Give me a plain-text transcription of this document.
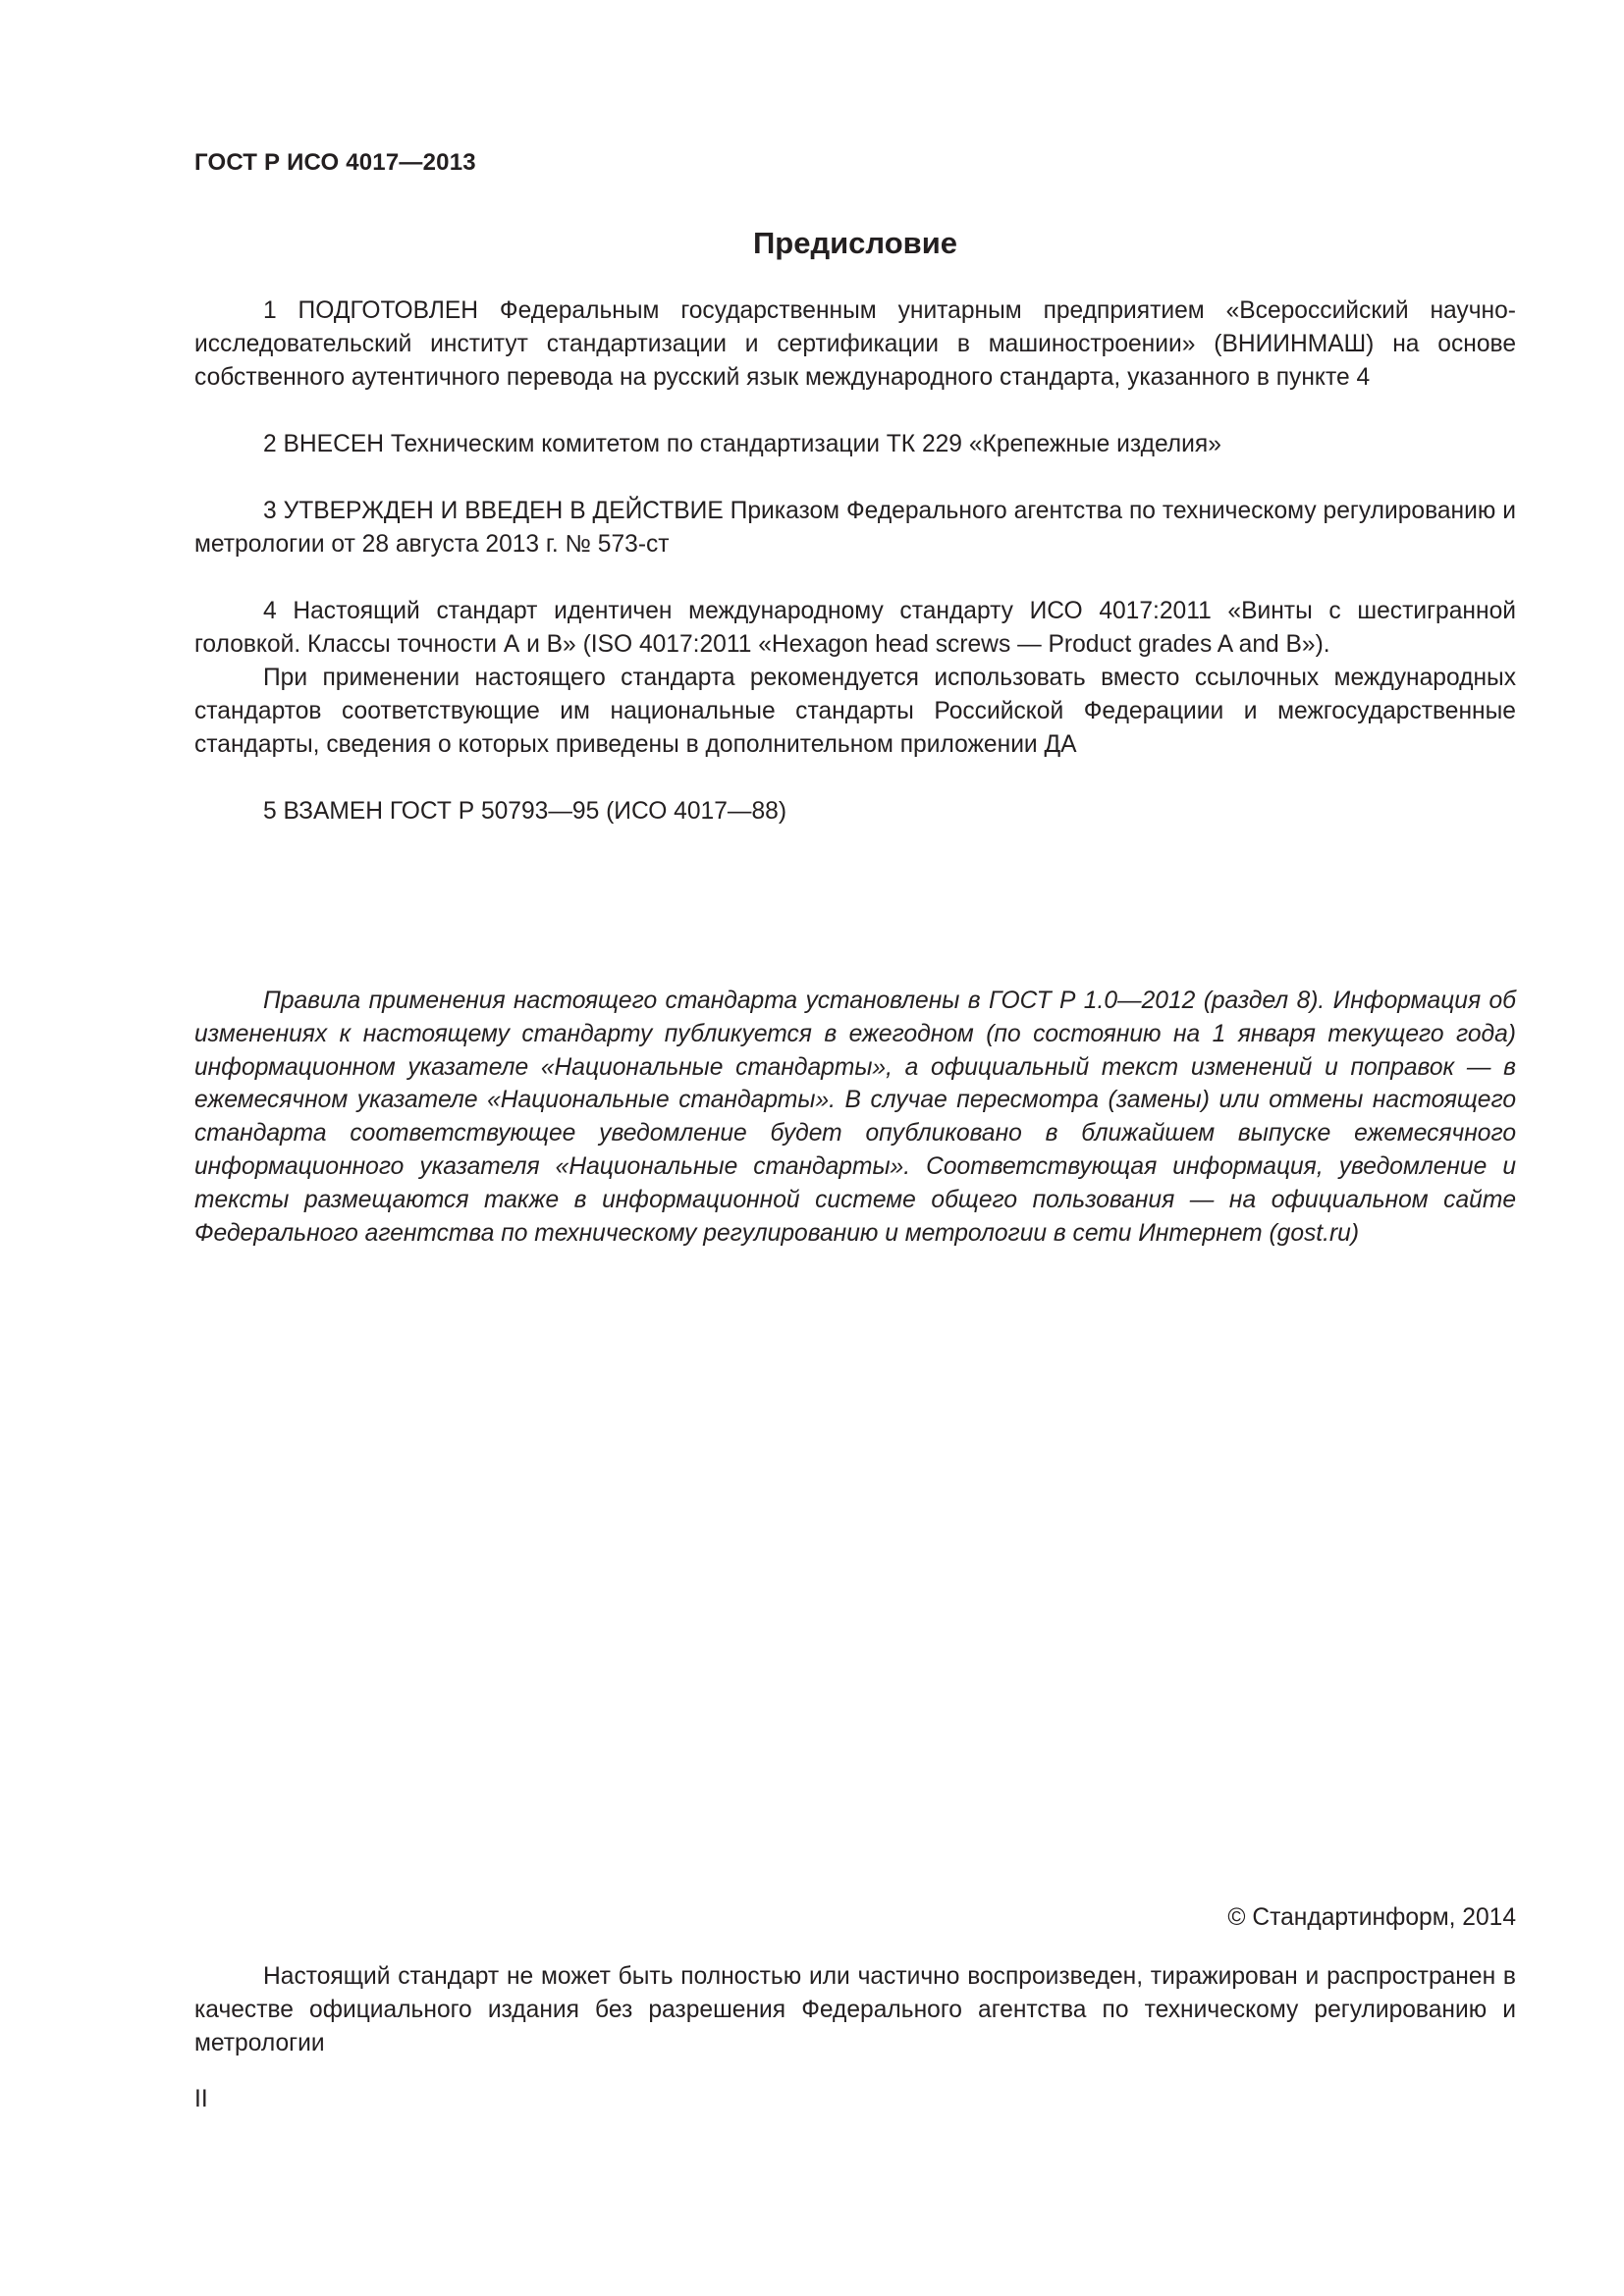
ГОСТ Р ИСО 4017—2013

Предисловие

1 ПОДГОТОВЛЕН Федеральным государственным унитарным предприятием «Всероссийский научно-исследовательский институт стандартизации и сертификации в машиностроении» (ВНИИНМАШ) на основе собственного аутентичного перевода на русский язык международного стандарта, указанного в пункте 4

2 ВНЕСЕН Техническим комитетом по стандартизации ТК 229 «Крепежные изделия»

3 УТВЕРЖДЕН И ВВЕДЕН В ДЕЙСТВИЕ Приказом Федерального агентства по техническому регулированию и метрологии от 28 августа 2013 г. № 573-ст

4 Настоящий стандарт идентичен международному стандарту ИСО 4017:2011 «Винты с шестигранной головкой. Классы точности А и В» (ISO 4017:2011 «Hexagon head screws — Product grades A and B»).

При применении настоящего стандарта рекомендуется использовать вместо ссылочных международных стандартов соответствующие им национальные стандарты Российской Федерациии и межгосударственные стандарты, сведения о которых приведены в дополнительном приложении ДА

5 ВЗАМЕН ГОСТ Р 50793—95 (ИСО 4017—88)

Правила применения настоящего стандарта установлены в ГОСТ Р 1.0—2012 (раздел 8). Информация об изменениях к настоящему стандарту публикуется в ежегодном (по состоянию на 1 января текущего года) информационном указателе «Национальные стандарты», а официальный текст изменений и поправок — в ежемесячном указателе «Национальные стандарты». В случае пересмотра (замены) или отмены настоящего стандарта соответствующее уведомление будет опубликовано в ближайшем выпуске ежемесячного информационного указателя «Национальные стандарты». Соответствующая информация, уведомление и тексты размещаются также в информационной системе общего пользования — на официальном сайте Федерального агентства по техническому регулированию и метрологии в сети Интернет (gost.ru)

© Стандартинформ, 2014

Настоящий стандарт не может быть полностью или частично воспроизведен, тиражирован и распространен в качестве официального издания без разрешения Федерального агентства по техническому регулированию и метрологии

II
